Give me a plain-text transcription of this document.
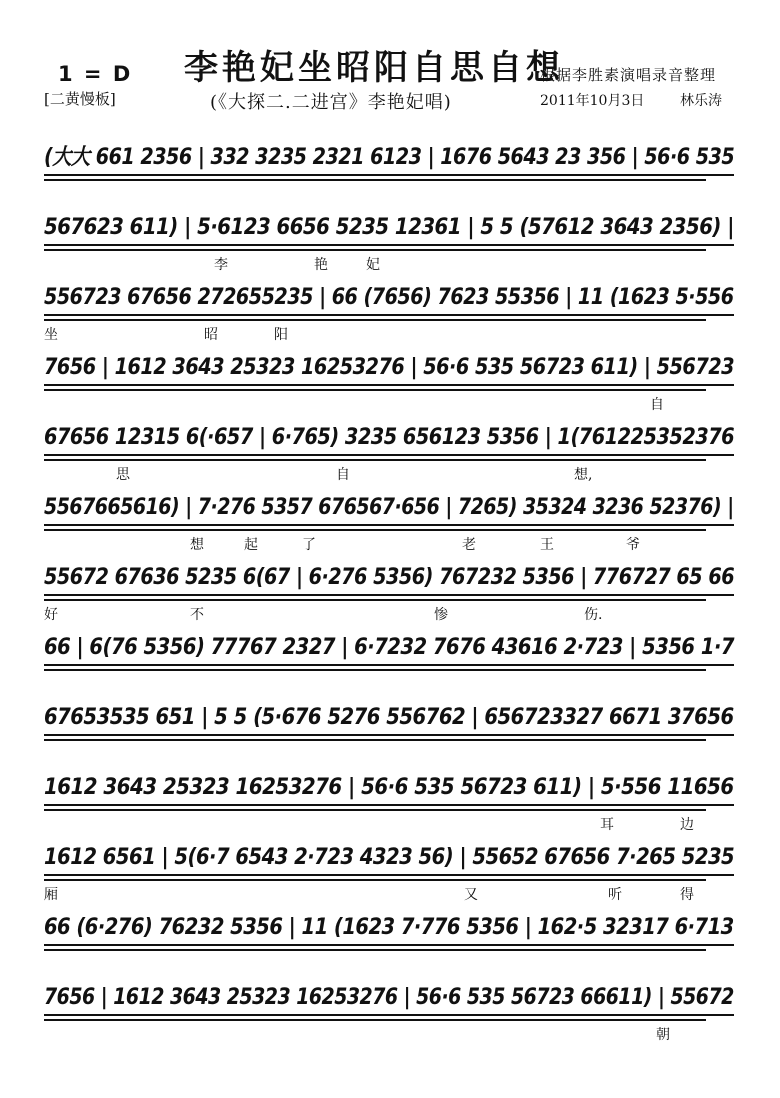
1 = D
[二黄慢板]
李艳妃坐昭阳自思自想
(《大探二.二进宫》李艳妃唱)
根据李胜素演唱录音整理
2011年10月3日	林乐涛
(大大 661 2356 | 332 3235 2321 6123 | 1676 5643 23 356 | 56·6 535
567623 611) | 5·6123 6656 5235 12361 | 5 5 (57612 3643 2356) |
李	艳	妃
556723 67656 272655235 | 66 (7656) 7623 55356 | 11 (1623 5·556
坐	昭	阳
7656 | 1612 3643 25323 16253276 | 56·6 535 56723 611) | 556723
自
67656 12315 6(·657 | 6·765) 3235 656123 5356 | 1(761225352376
思	自	想,
5567665616) | 7·276 5357 676567·656 | 7265) 35324 3236 52376) |
想	起	了	老	王	爷
55672 67636 5235 6(67 | 6·276 5356) 767232 5356 | 776727 65 66
好	不	惨	伤.
66 | 6(76 5356) 77767 2327 | 6·7232 7676 43616 2·723 | 5356 1·7
67653535 651 | 5 5 (5·676 5276 556762 | 656723327 6671 37656
1612 3643 25323 16253276 | 56·6 535 56723 611) | 5·556 11656
耳	边
1612 6561 | 5(6·7 6543 2·723 4323 56) | 55652 67656 7·265 5235
厢	又	听	得
66 (6·276) 76232 5356 | 11 (1623 7·776 5356 | 162·5 32317 6·713
7656 | 1612 3643 25323 16253276 | 56·6 535 56723 66611) | 55672
朝
